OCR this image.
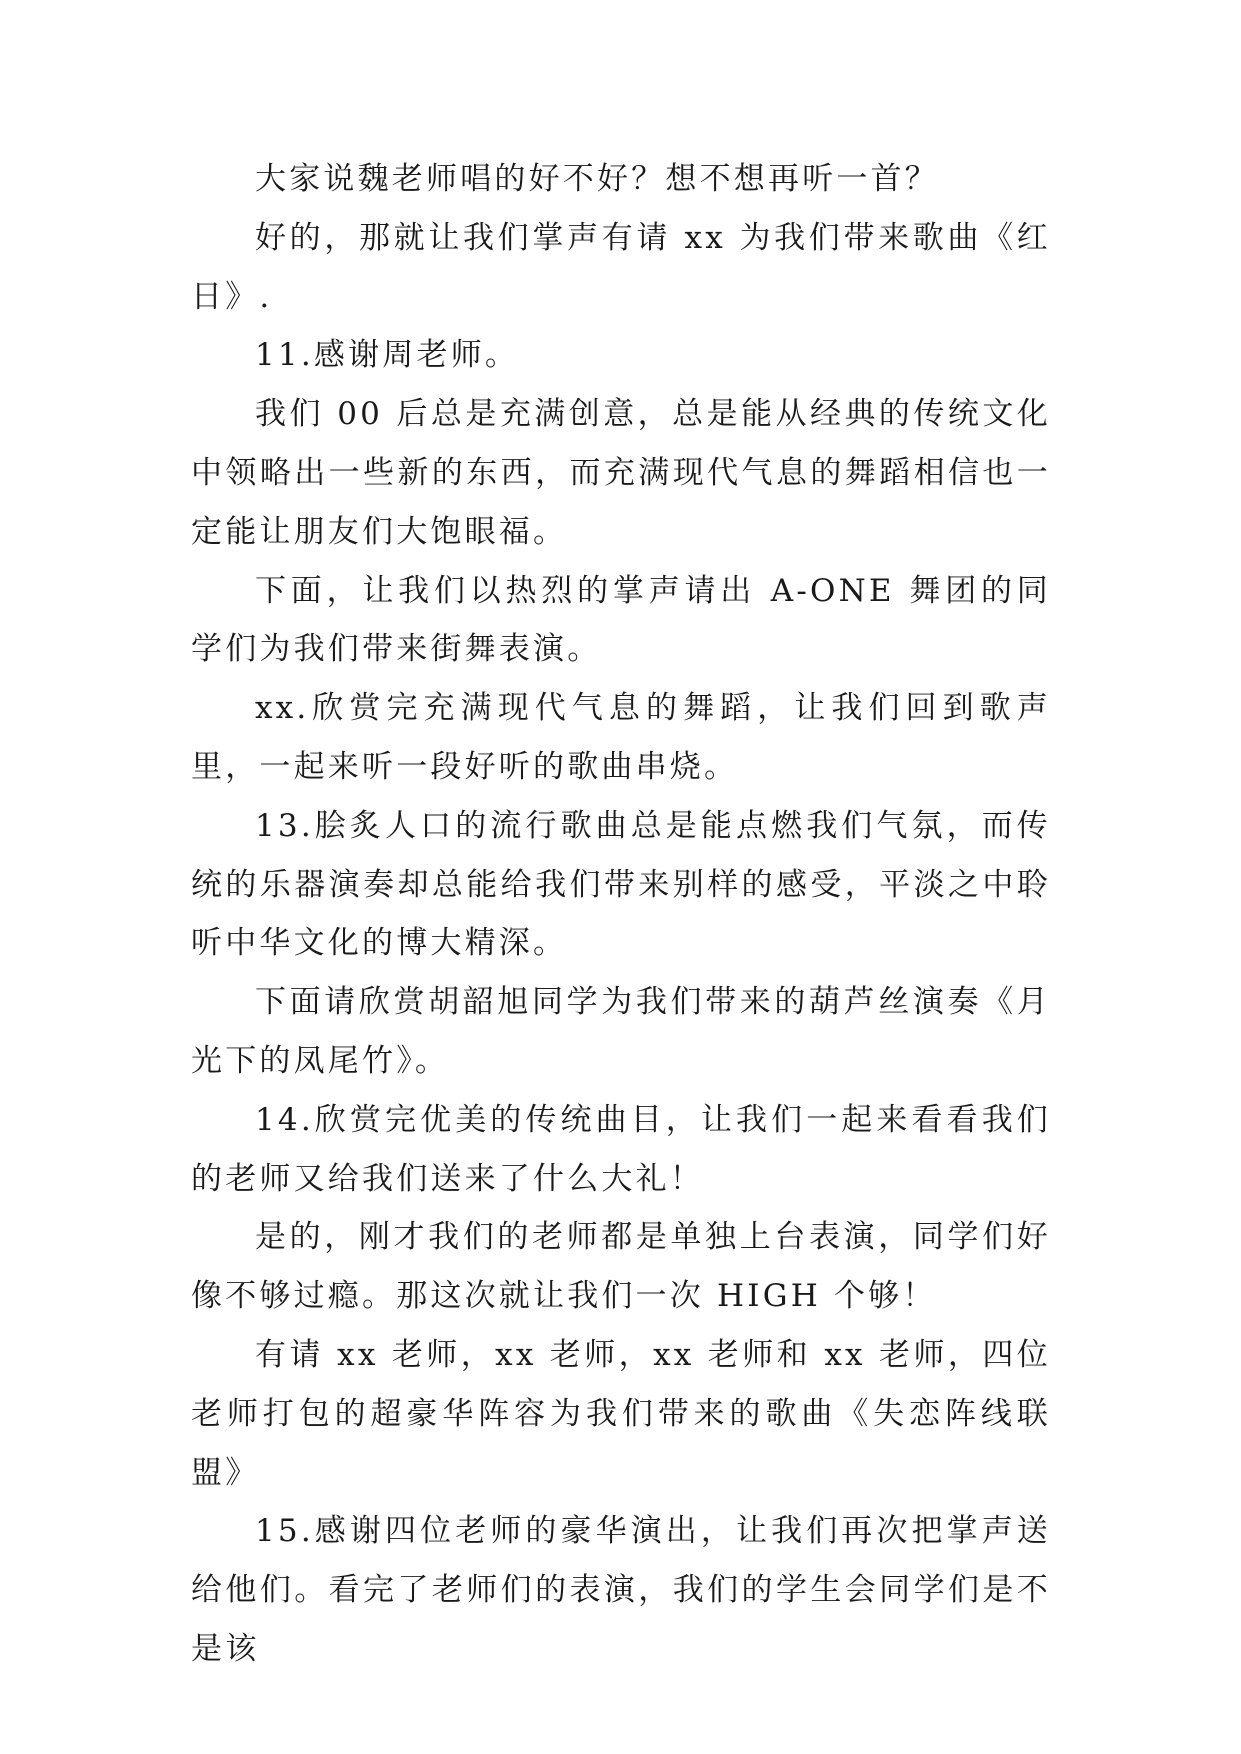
大家说魏老师唱的好不好？想不想再听一首？

好的，那就让我们掌声有请 xx 为我们带来歌曲《红日》.

11.感谢周老师。

我们 00 后总是充满创意，总是能从经典的传统文化中领略出一些新的东西，而充满现代气息的舞蹈相信也一定能让朋友们大饱眼福。

下面，让我们以热烈的掌声请出 A-ONE 舞团的同学们为我们带来街舞表演。

xx.欣赏完充满现代气息的舞蹈，让我们回到歌声里，一起来听一段好听的歌曲串烧。

13.脍炙人口的流行歌曲总是能点燃我们气氛，而传统的乐器演奏却总能给我们带来别样的感受，平淡之中聆听中华文化的博大精深。

下面请欣赏胡韶旭同学为我们带来的葫芦丝演奏《月光下的凤尾竹》。

14.欣赏完优美的传统曲目，让我们一起来看看我们的老师又给我们送来了什么大礼！

是的，刚才我们的老师都是单独上台表演，同学们好像不够过瘾。那这次就让我们一次 HIGH 个够！

有请 xx 老师，xx 老师，xx 老师和 xx 老师，四位老师打包的超豪华阵容为我们带来的歌曲《失恋阵线联盟》

15.感谢四位老师的豪华演出，让我们再次把掌声送给他们。看完了老师们的表演，我们的学生会同学们是不是该
